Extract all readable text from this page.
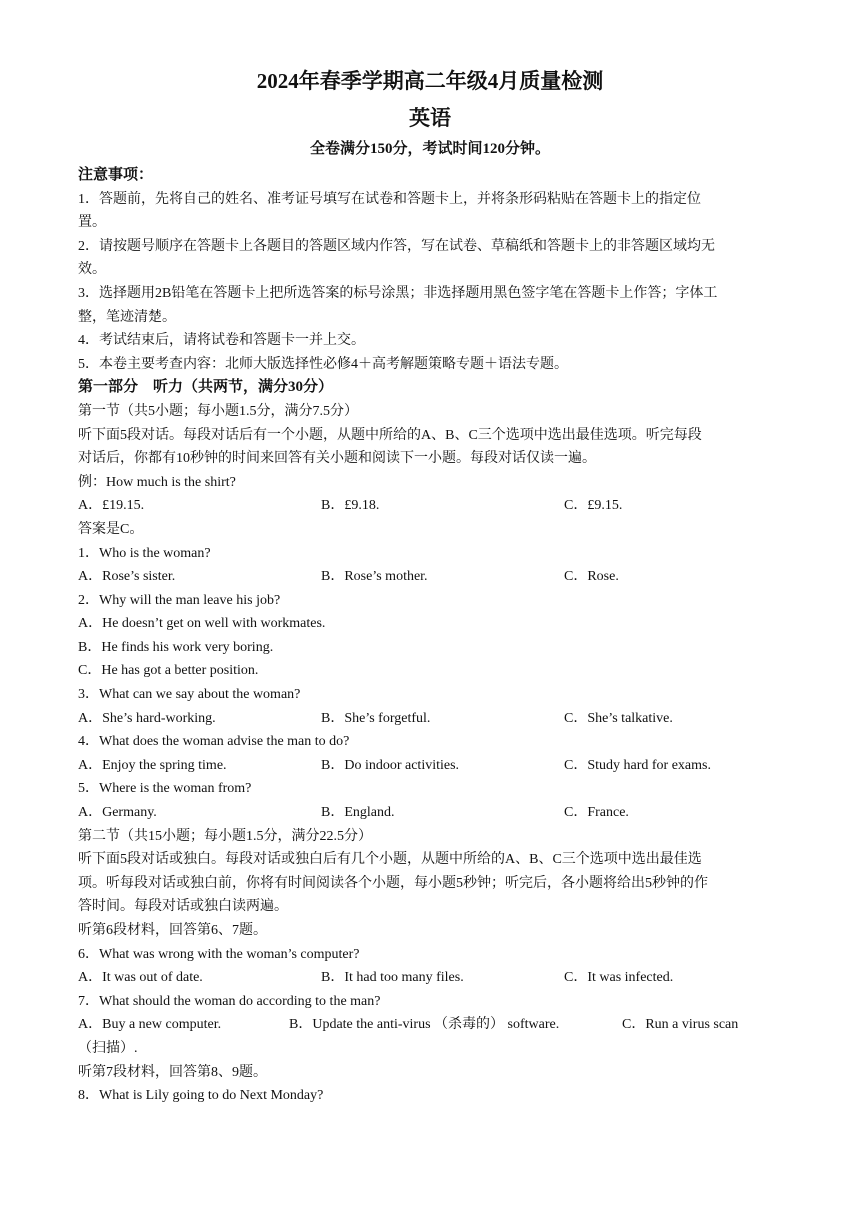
2024年春季学期高二年级4月质量检测
英语
全卷满分150分，考试时间120分钟。

注意事项：

1．答题前，先将自己的姓名、准考证号填写在试卷和答题卡上，并将条形码粘贴在答题卡上的指定位

置。

2．请按题号顺序在答题卡上各题目的答题区域内作答，写在试卷、草稿纸和答题卡上的非答题区域均无

效。

3．选择题用2B铅笔在答题卡上把所选答案的标号涂黑；非选择题用黑色签字笔在答题卡上作答；字体工

整，笔迹清楚。

4．考试结束后，请将试卷和答题卡一并上交。

5．本卷主要考查内容：北师大版选择性必修4＋高考解题策略专题＋语法专题。

第一部分　听力（共两节，满分30分）

第一节（共5小题；每小题1.5分，满分7.5分）

听下面5段对话。每段对话后有一个小题，从题中所给的A、B、C三个选项中选出最佳选项。听完每段

对话后，你都有10秒钟的时间来回答有关小题和阅读下一小题。每段对话仅读一遍。

例：How much is the shirt?

A．£19.15.	B．£9.18.	C．£9.15.

答案是C。

1．Who is the woman?

A．Rose’s sister.	B．Rose’s mother.	C．Rose.

2．Why will the man leave his job?

A．He doesn’t get on well with workmates.

B．He finds his work very boring.

C．He has got a better position.

3．What can we say about the woman?

A．She’s hard-working.	B．She’s forgetful.	C．She’s talkative.

4．What does the woman advise the man to do?

A．Enjoy the spring time.	B．Do indoor activities.	C．Study hard for exams.

5．Where is the woman from?

A．Germany.	B．England.	C．France.

第二节（共15小题；每小题1.5分，满分22.5分）

听下面5段对话或独白。每段对话或独白后有几个小题，从题中所给的A、B、C三个选项中选出最佳选

项。听每段对话或独白前，你将有时间阅读各个小题，每小题5秒钟；听完后，各小题将给出5秒钟的作

答时间。每段对话或独白读两遍。

听第6段材料，回答第6、7题。

6．What was wrong with the woman’s computer?

A．It was out of date.	B．It had too many files.	C．It was infected.

7．What should the woman do according to the man?

A．Buy a new computer.	B．Update the anti-virus （杀毒的） software.	C．Run a virus scan

（扫描）.

听第7段材料，回答第8、9题。

8．What is Lily going to do Next Monday?
